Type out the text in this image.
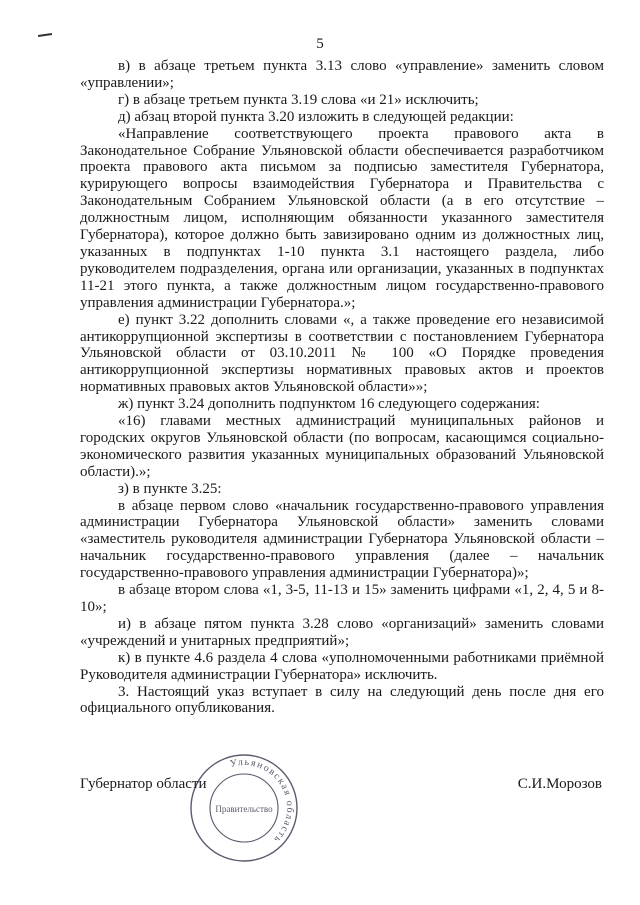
5

в) в абзаце третьем пункта 3.13 слово «управление» заменить словом «управлении»;

г) в абзаце третьем пункта 3.19 слова «и 21» исключить;

д) абзац второй пункта 3.20 изложить в следующей редакции:

«Направление соответствующего проекта правового акта в Законодательное Собрание Ульяновской области обеспечивается разработчиком проекта правового акта письмом за подписью заместителя Губернатора, курирующего вопросы взаимодействия Губернатора и Правительства с Законодательным Собранием Ульяновской области (а в его отсутствие – должностным лицом, исполняющим обязанности указанного заместителя Губернатора), которое должно быть завизировано одним из должностных лиц, указанных в подпунктах 1-10 пункта 3.1 настоящего раздела, либо руководителем подразделения, органа или организации, указанных в подпунктах 11-21 этого пункта, а также должностным лицом государственно-правового управления администрации Губернатора.»;

е) пункт 3.22 дополнить словами «, а также проведение его независимой антикоррупционной экспертизы в соответствии с постановлением Губернатора Ульяновской области от 03.10.2011 № 100 «О Порядке проведения антикоррупционной экспертизы нормативных правовых актов и проектов нормативных правовых актов Ульяновской области»»;

ж) пункт 3.24 дополнить подпунктом 16 следующего содержания:

«16) главами местных администраций муниципальных районов и городских округов Ульяновской области (по вопросам, касающимся социально-экономического развития указанных муниципальных образований Ульяновской области).»;

з) в пункте 3.25:

в абзаце первом слово «начальник государственно-правового управления администрации Губернатора Ульяновской области» заменить словами «заместитель руководителя администрации Губернатора Ульяновской области – начальник государственно-правового управления (далее – начальник государственно-правового управления администрации Губернатора)»;

в абзаце втором слова «1, 3-5, 11-13 и 15» заменить цифрами «1, 2, 4, 5 и 8-10»;

и) в абзаце пятом пункта 3.28 слово «организаций» заменить словами «учреждений и унитарных предприятий»;

к) в пункте 4.6 раздела 4 слова «уполномоченными работниками приёмной Руководителя администрации Губернатора» исключить.

3. Настоящий указ вступает в силу на следующий день после дня его официального опубликования.

Ульяновская область
Правительство
Губернатор области	С.И.Морозов
